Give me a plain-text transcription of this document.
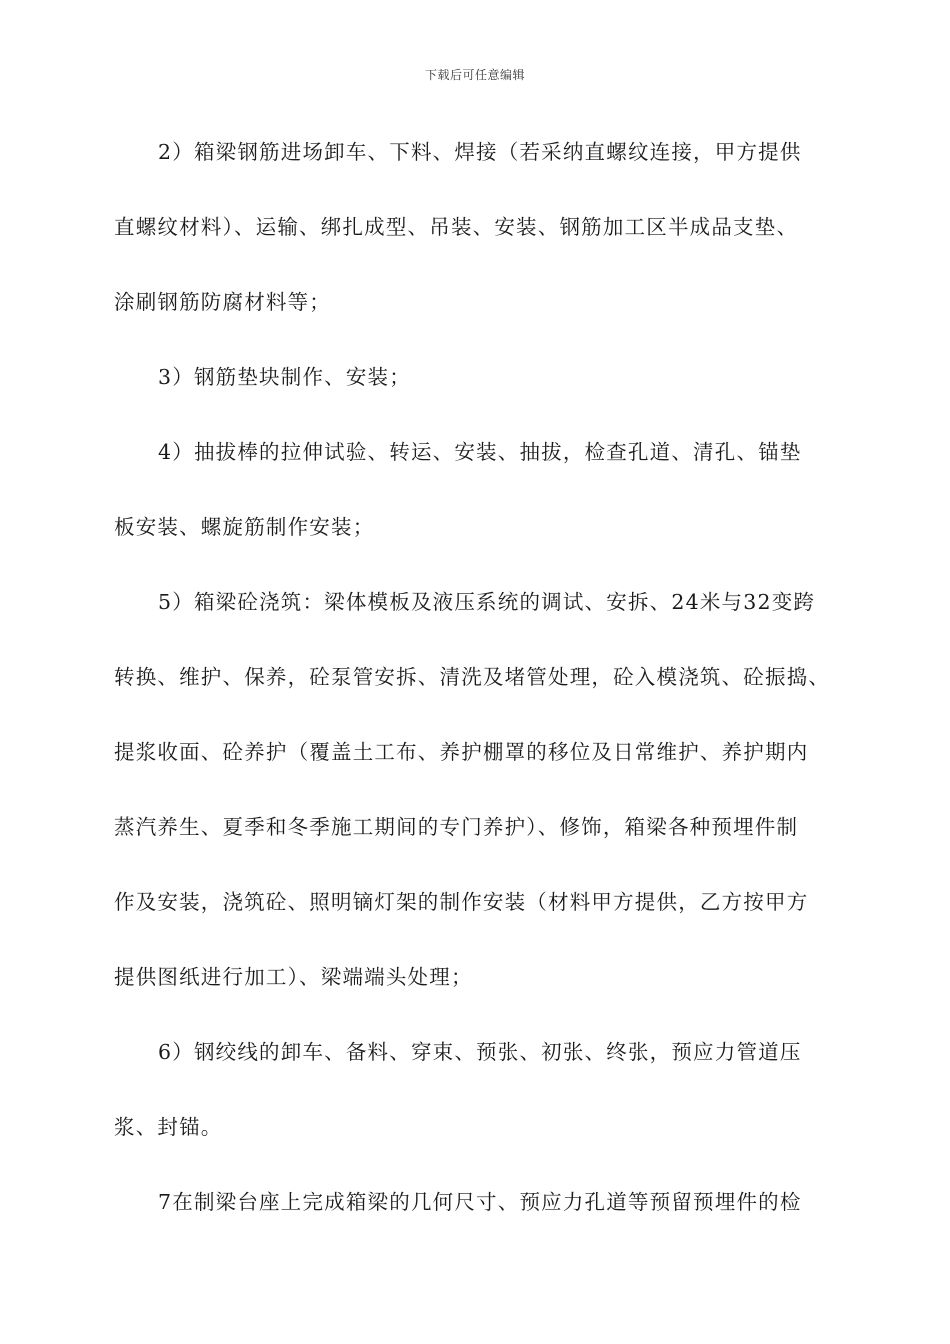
下载后可任意编辑
2）箱梁钢筋进场卸车、下料、焊接（若采纳直螺纹连接，甲方提供
直螺纹材料）、运输、绑扎成型、吊装、安装、钢筋加工区半成品支垫、
涂刷钢筋防腐材料等；
3）钢筋垫块制作、安装；
4）抽拔棒的拉伸试验、转运、安装、抽拔，检查孔道、清孔、锚垫
板安装、螺旋筋制作安装；
5）箱梁砼浇筑：梁体模板及液压系统的调试、安拆、24米与32变跨
转换、维护、保养，砼泵管安拆、清洗及堵管处理，砼入模浇筑、砼振捣、
提浆收面、砼养护（覆盖土工布、养护棚罩的移位及日常维护、养护期内
蒸汽养生、夏季和冬季施工期间的专门养护）、修饰，箱梁各种预埋件制
作及安装，浇筑砼、照明镝灯架的制作安装（材料甲方提供，乙方按甲方
提供图纸进行加工）、梁端端头处理；
6）钢绞线的卸车、备料、穿束、预张、初张、终张，预应力管道压
浆、封锚。
7在制梁台座上完成箱梁的几何尺寸、预应力孔道等预留预埋件的检
